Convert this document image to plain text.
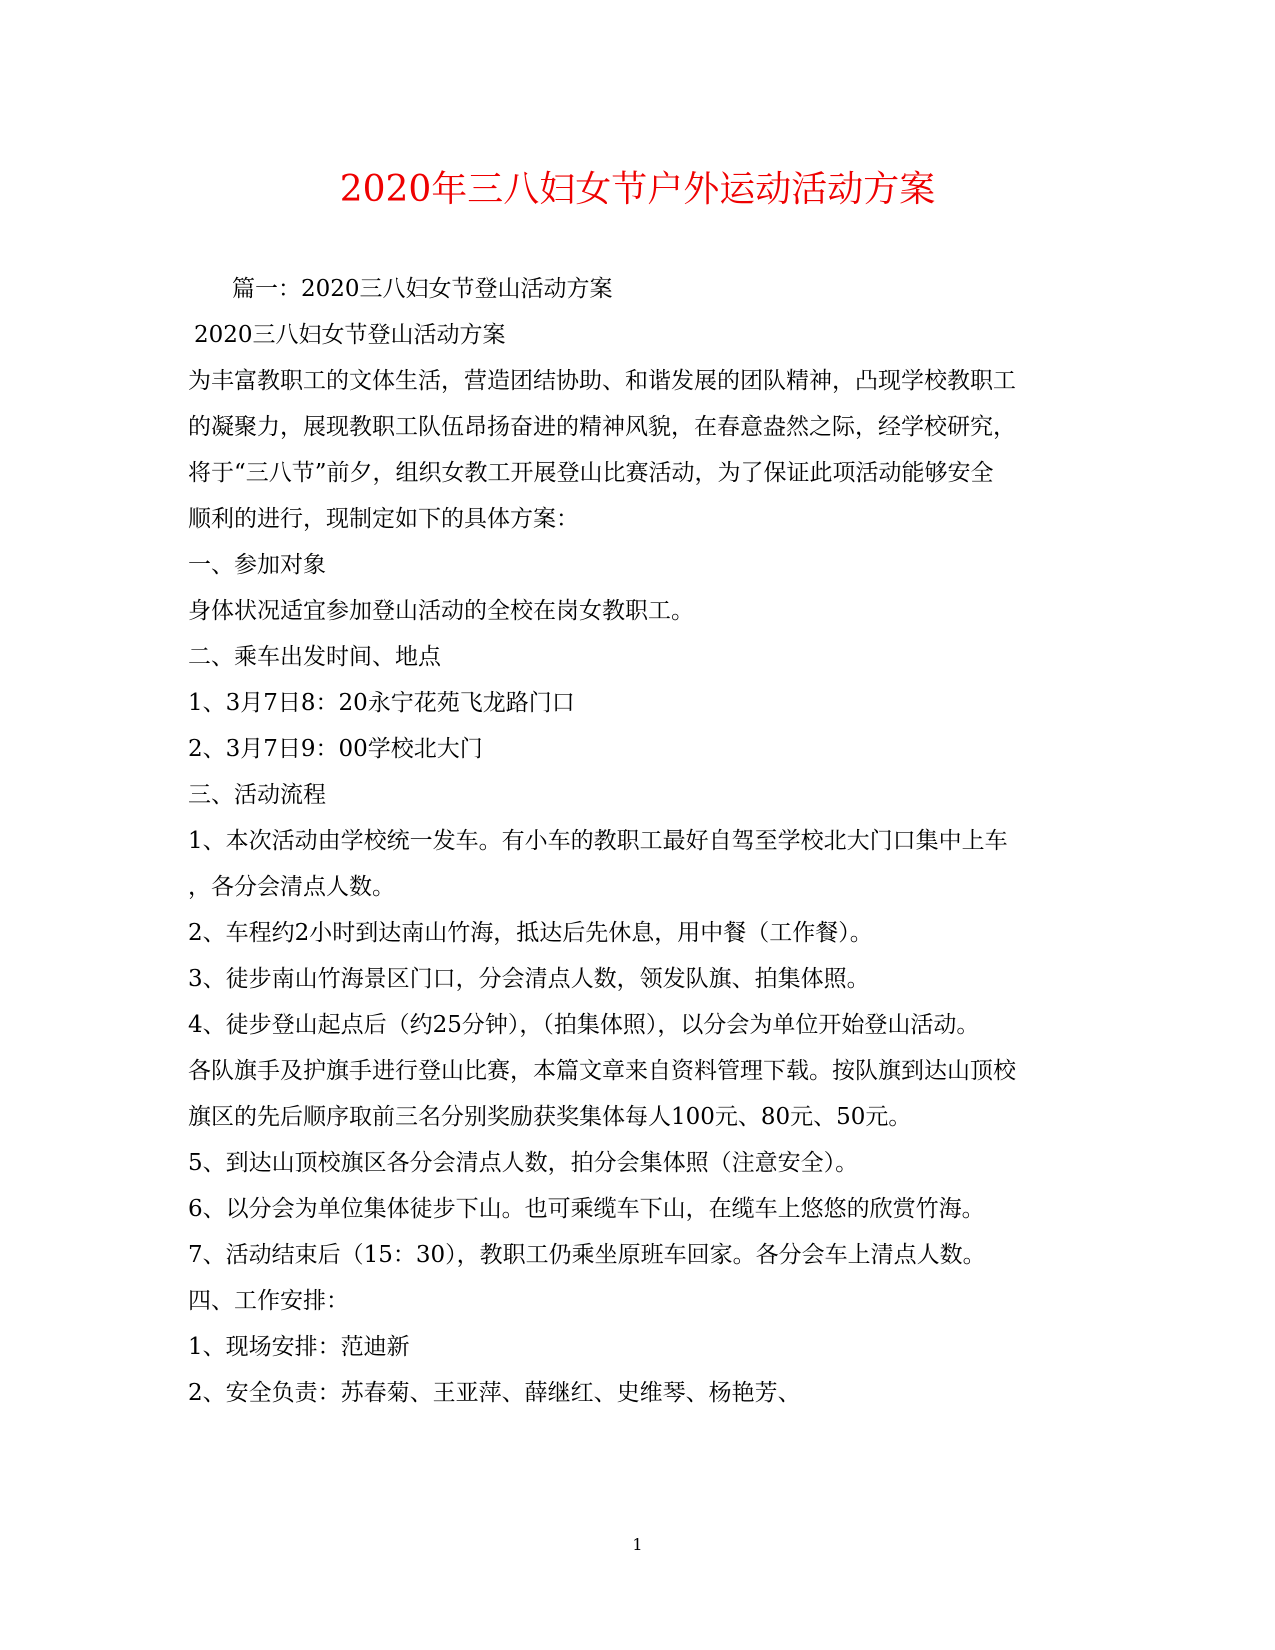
2020年三八妇女节户外运动活动方案
篇一：2020三八妇女节登山活动方案
2020三八妇女节登山活动方案
为丰富教职工的文体生活，营造团结协助、和谐发展的团队精神，凸现学校教职工
的凝聚力，展现教职工队伍昂扬奋进的精神风貌，在春意盎然之际，经学校研究，
将于“三八节”前夕，组织女教工开展登山比赛活动，为了保证此项活动能够安全
顺利的进行，现制定如下的具体方案：
一、参加对象
身体状况适宜参加登山活动的全校在岗女教职工。
二、乘车出发时间、地点
1、3月7日8：20永宁花苑飞龙路门口
2、3月7日9：00学校北大门
三、活动流程
1、本次活动由学校统一发车。有小车的教职工最好自驾至学校北大门口集中上车
，各分会清点人数。
2、车程约2小时到达南山竹海，抵达后先休息，用中餐（工作餐）。
3、徒步南山竹海景区门口，分会清点人数，领发队旗、拍集体照。
4、徒步登山起点后（约25分钟），（拍集体照），以分会为单位开始登山活动。
各队旗手及护旗手进行登山比赛，本篇文章来自资料管理下载。按队旗到达山顶校
旗区的先后顺序取前三名分别奖励获奖集体每人100元、80元、50元。
5、到达山顶校旗区各分会清点人数，拍分会集体照（注意安全）。
6、以分会为单位集体徒步下山。也可乘缆车下山，在缆车上悠悠的欣赏竹海。
7、活动结束后（15：30），教职工仍乘坐原班车回家。各分会车上清点人数。
四、工作安排：
1、现场安排：范迪新
2、安全负责：苏春菊、王亚萍、薛继红、史维琴、杨艳芳、
1
